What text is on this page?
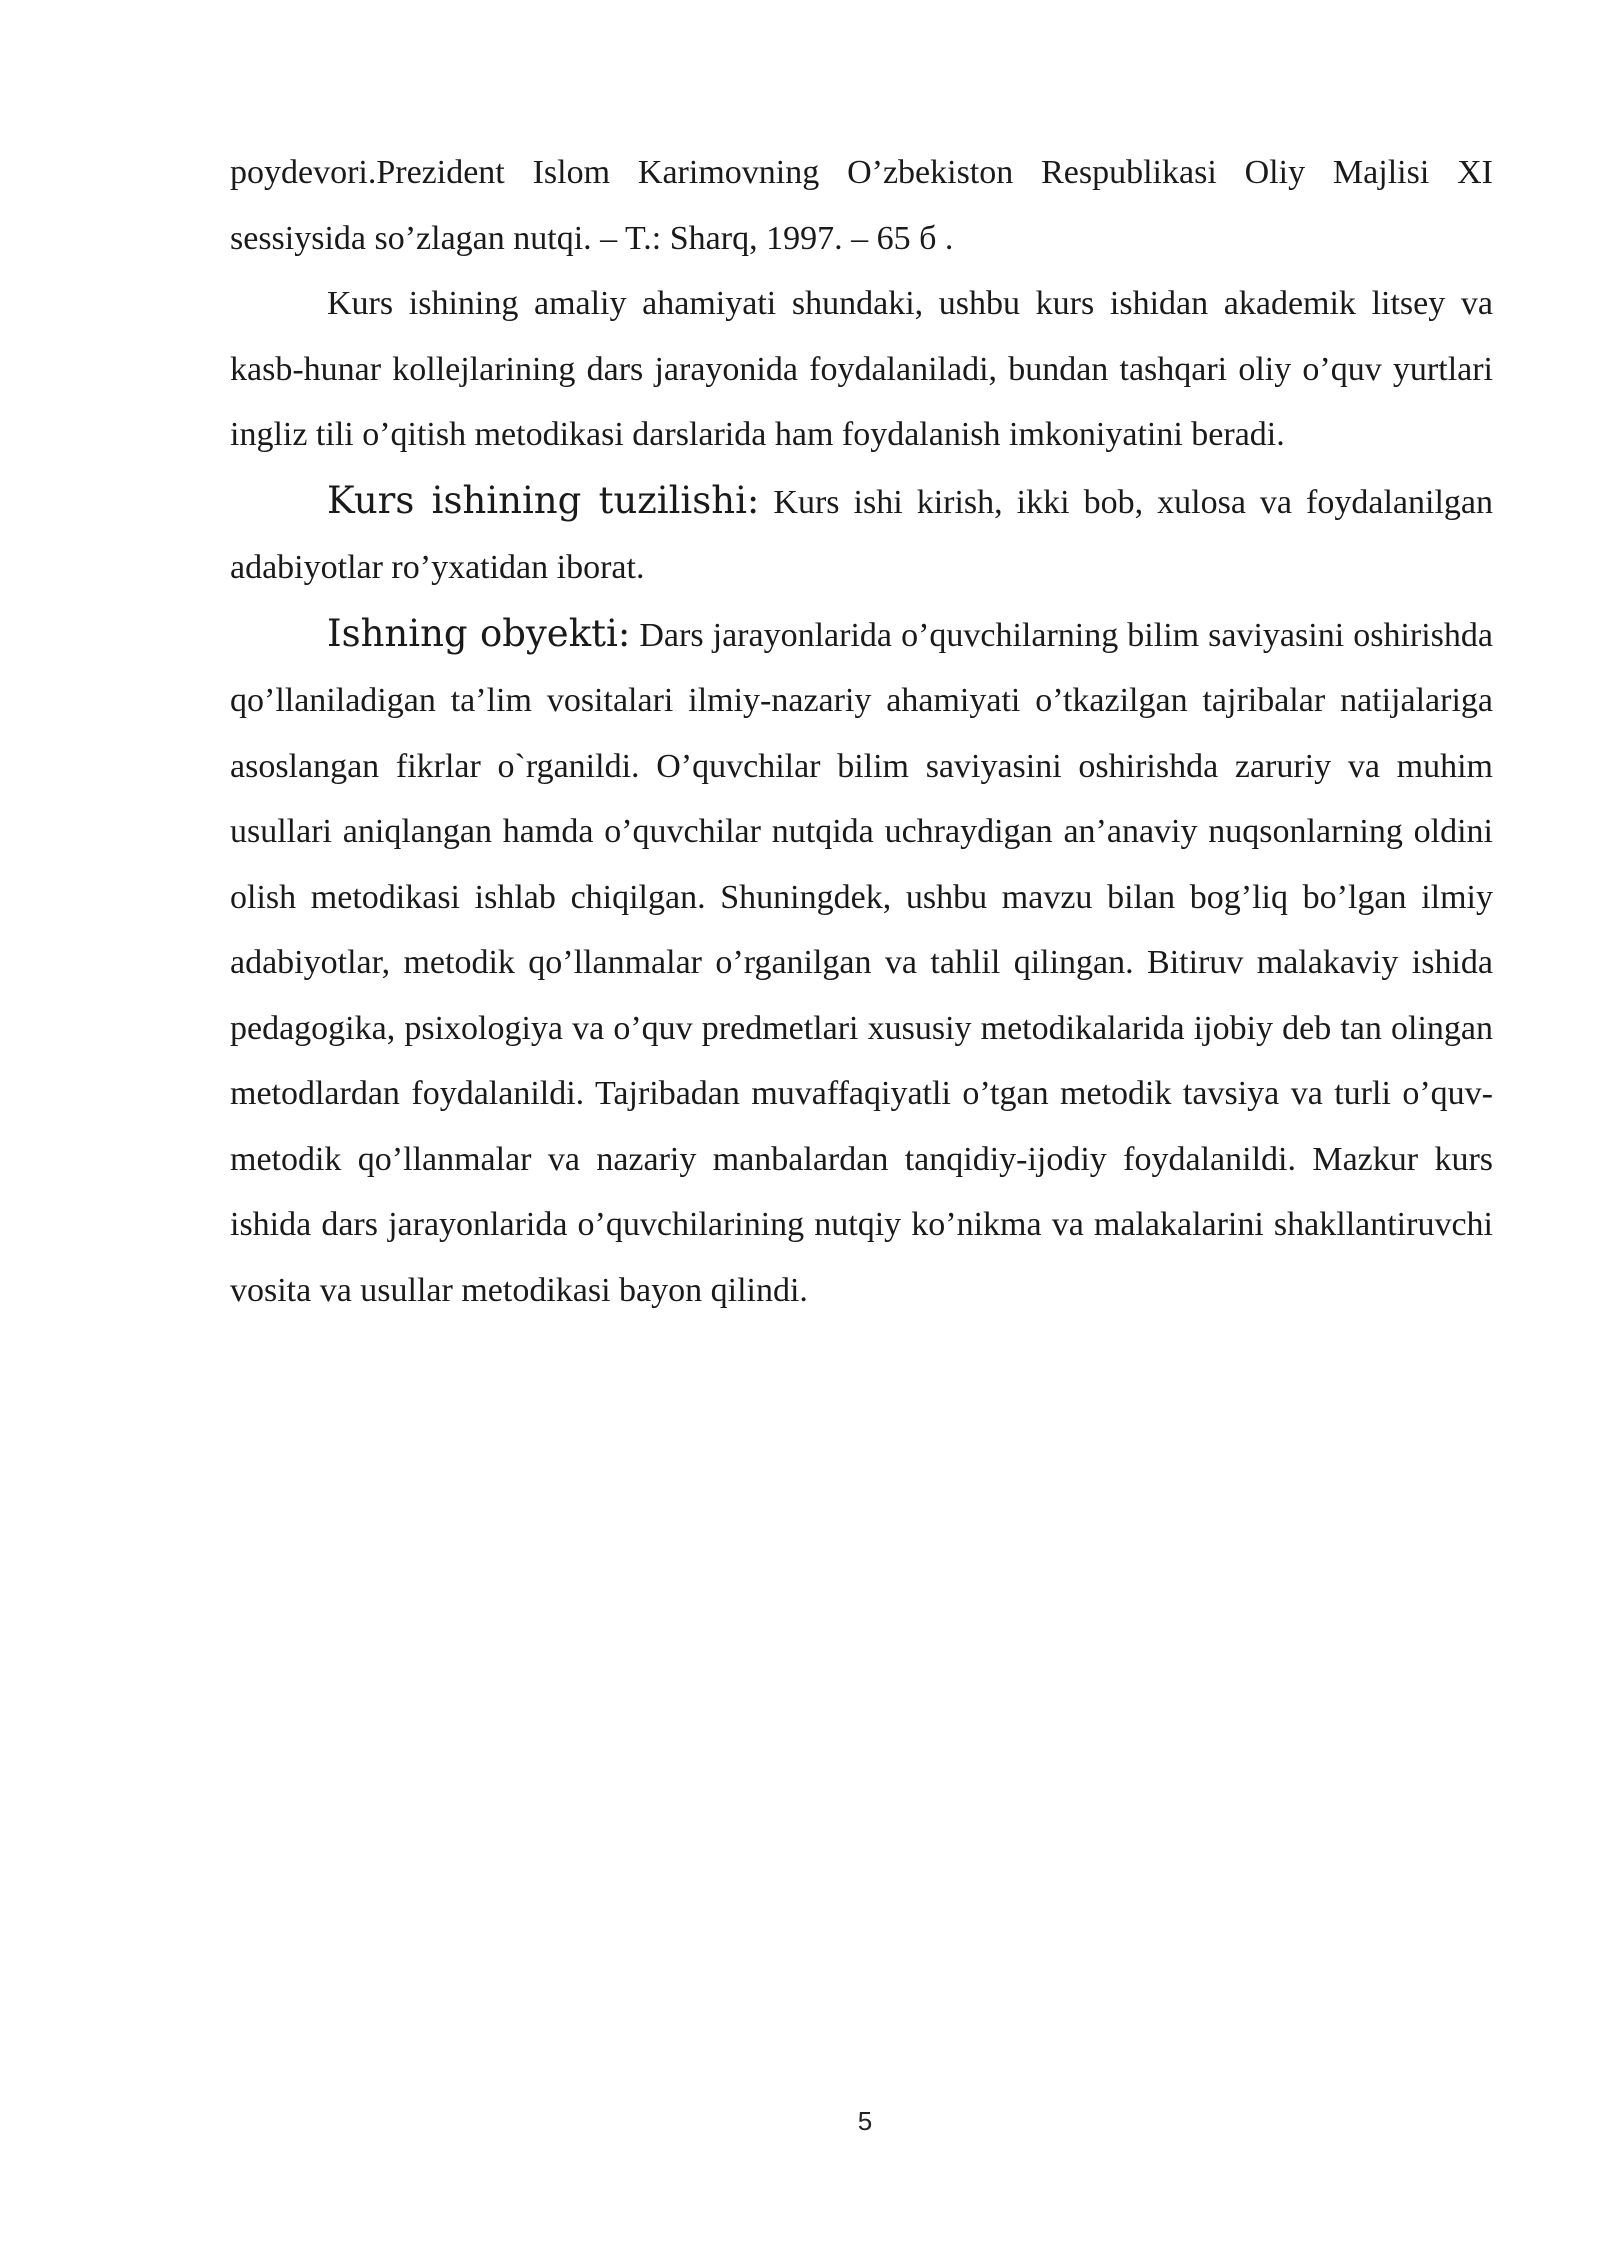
poydevori.Prezident Islom Karimovning O’zbekiston Respublikasi Oliy Majlisi XI sessiysida so’zlagan nutqi. – T.: Sharq, 1997. – 65 б .

Kurs ishining amaliy ahamiyati shundaki, ushbu kurs ishidan akademik litsey va kasb-hunar kollejlarining dars jarayonida foydalaniladi, bundan tashqari oliy o’quv yurtlari ingliz tili o’qitish metodikasi darslarida ham foydalanish imkoniyatini beradi.

Kurs ishining tuzilishi: Kurs ishi kirish, ikki bob, xulosa va foydalanilgan adabiyotlar ro’yxatidan iborat.

Ishning obyekti: Dars jarayonlarida o’quvchilarning bilim saviyasini oshirishda qo’llaniladigan ta’lim vositalari ilmiy-nazariy ahamiyati o’tkazilgan tajribalar natijalariga asoslangan fikrlar o`rganildi. O’quvchilar bilim saviyasini oshirishda zaruriy va muhim usullari aniqlangan hamda o’quvchilar nutqida uchraydigan an’anaviy nuqsonlarning oldini olish metodikasi ishlab chiqilgan. Shuningdek, ushbu mavzu bilan bog’liq bo’lgan ilmiy adabiyotlar, metodik qo’llanmalar o’rganilgan va tahlil qilingan. Bitiruv malakaviy ishida pedagogika, psixologiya va o’quv predmetlari xususiy metodikalarida ijobiy deb tan olingan metodlardan foydalanildi. Tajribadan muvaffaqiyatli o’tgan metodik tavsiya va turli o’quv-metodik qo’llanmalar va nazariy manbalardan tanqidiy-ijodiy foydalanildi. Mazkur kurs ishida dars jarayonlarida o’quvchilarining nutqiy ko’nikma va malakalarini shakllantiruvchi vosita va usullar metodikasi bayon qilindi.

5
